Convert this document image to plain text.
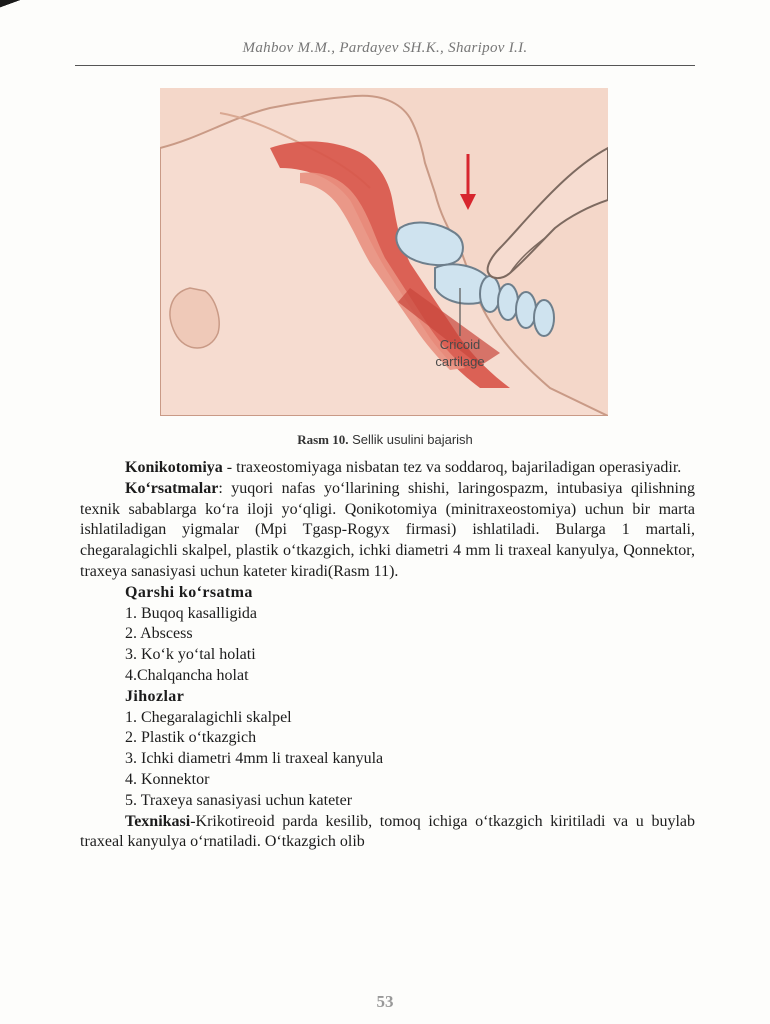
Mahbov M.M., Pardayev SH.K., Sharipov I.I.
Cricoid
cartilage
Rasm 10. Sellik usulini bajarish

Konikotomiya - traxeostomiyaga nisbatan tez va soddaroq, bajariladigan operasiyadir.

Ko‘rsatmalar: yuqori nafas yo‘llarining shishi, laringospazm, intubasiya qilishning texnik sabablarga ko‘ra iloji yo‘qligi. Qonikotomiya (minitraxeostomiya) uchun bir marta ishlatiladigan yigmalar (Mpi Tgasp-Rogyx firmasi) ishlatiladi. Bularga 1 martali, chegaralagichli skalpel, plastik o‘tkazgich, ichki diametri 4 mm li traxeal kanyulya, Qonnektor, traxeya sanasiyasi uchun kateter kiradi(Rasm 11).

Qarshi ko‘rsatma

1. Buqoq kasalligida

2. Abscess

3. Ko‘k yo‘tal holati

4.Chalqancha holat

Jihozlar

1. Chegaralagichli skalpel

2. Plastik o‘tkazgich

3. Ichki diametri 4mm li traxeal kanyula

4. Konnektor

5. Traxeya sanasiyasi uchun kateter

Texnikasi-Krikotireoid parda kesilib, tomoq ichiga o‘tkazgich kiritiladi va u buylab traxeal kanyulya o‘rnatiladi. O‘tkazgich olib

53
